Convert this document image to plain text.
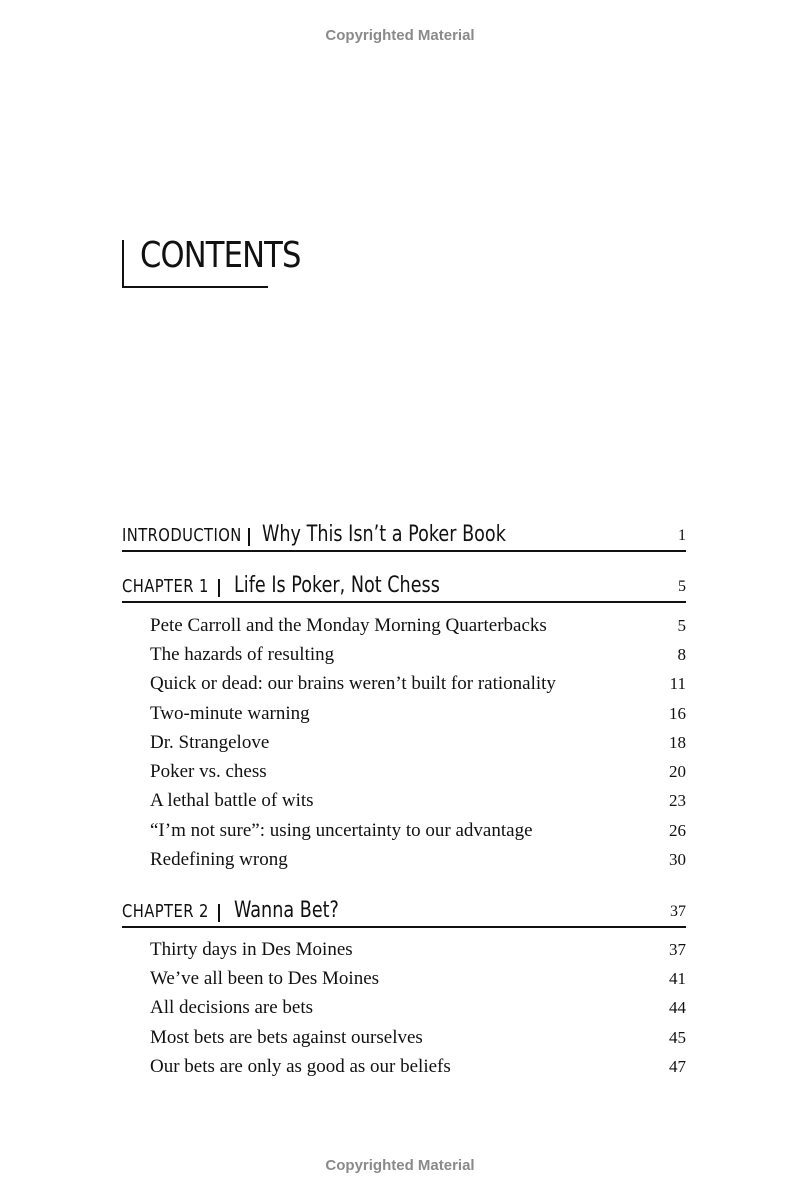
Copyrighted Material
CONTENTS
INTRODUCTION Why This Isn’t a Poker Book	1
CHAPTER 1 Life Is Poker, Not Chess	5
Pete Carroll and the Monday Morning Quarterbacks	5
The hazards of resulting	8
Quick or dead: our brains weren’t built for rationality	11
Two-minute warning	16
Dr. Strangelove	18
Poker vs. chess	20
A lethal battle of wits	23
“I’m not sure”: using uncertainty to our advantage	26
Redefining wrong	30
CHAPTER 2 Wanna Bet?	37
Thirty days in Des Moines	37
We’ve all been to Des Moines	41
All decisions are bets	44
Most bets are bets against ourselves	45
Our bets are only as good as our beliefs	47
Copyrighted Material
